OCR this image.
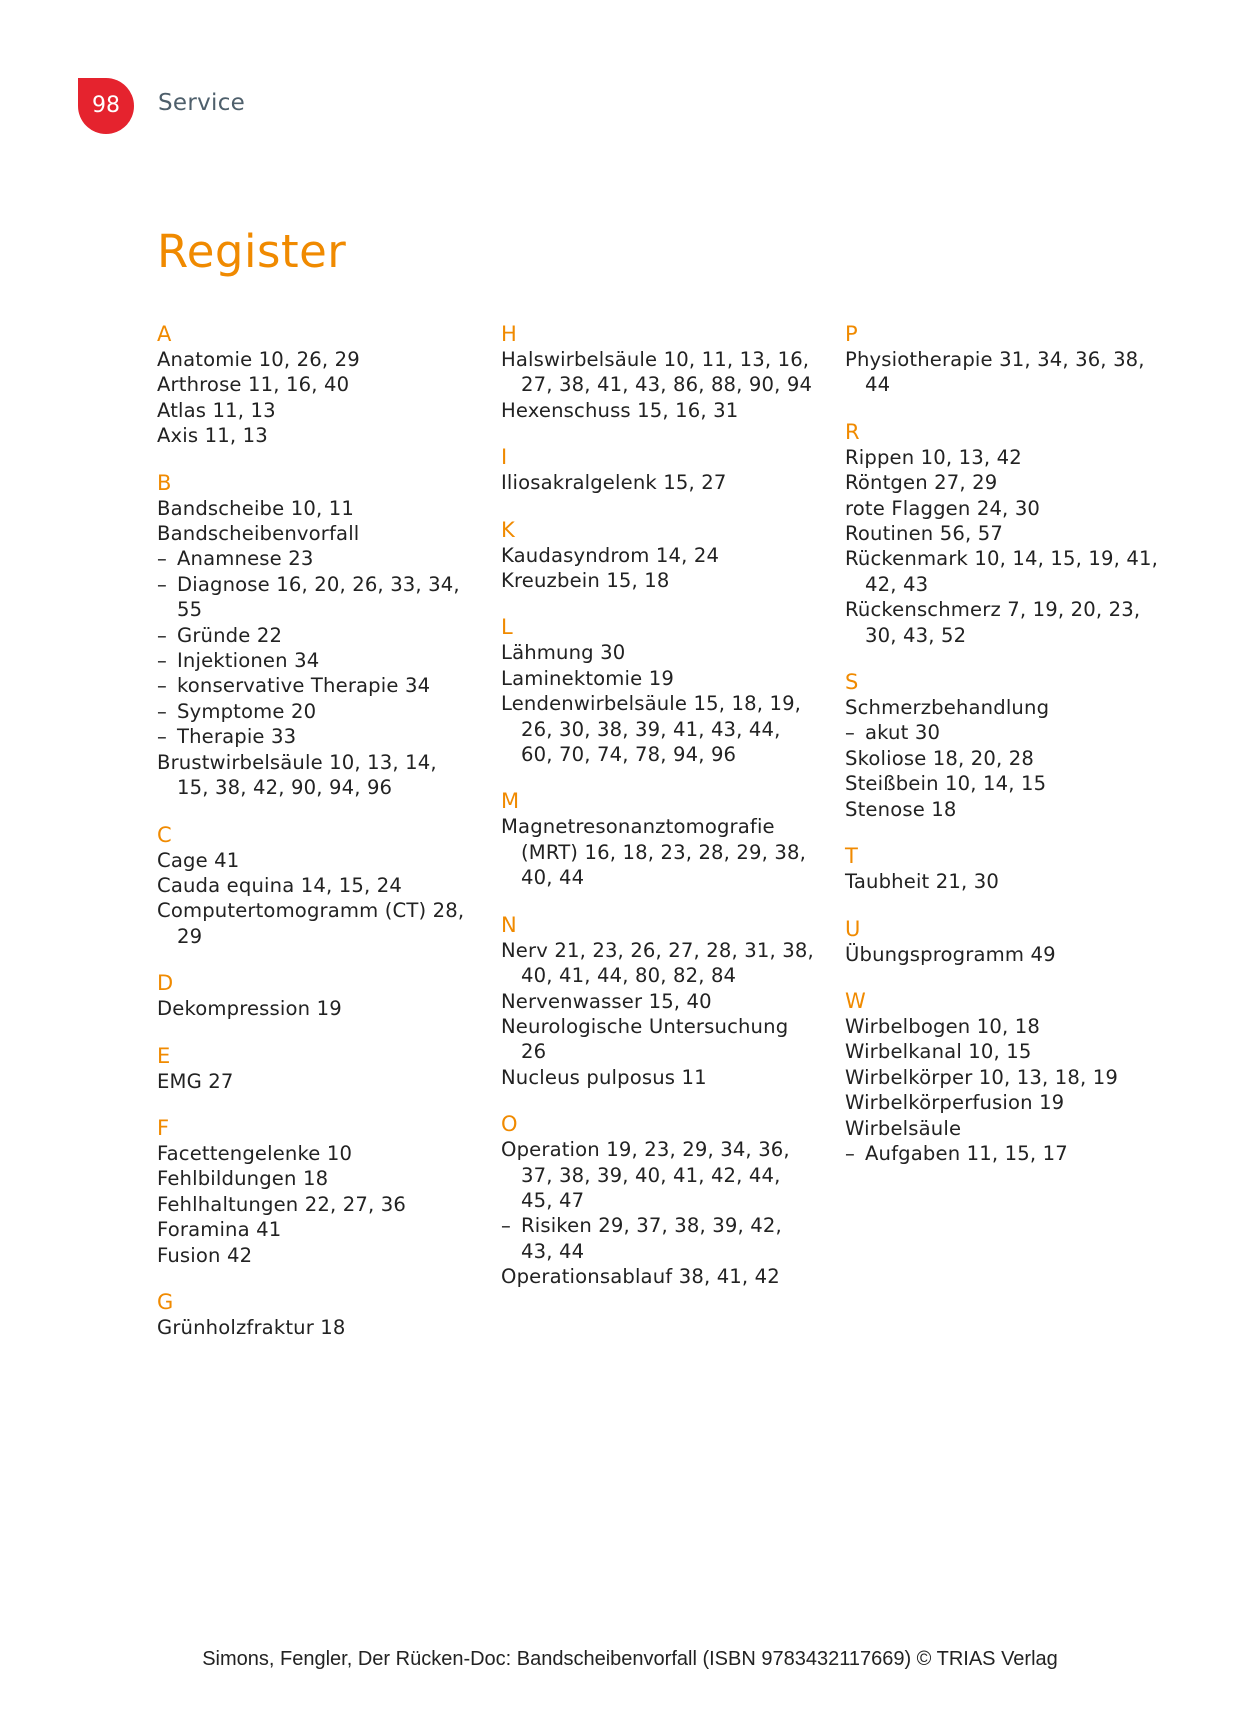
98	Service
Register
A
Anatomie 10, 26, 29
Arthrose 11, 16, 40
Atlas 11, 13
Axis 11, 13
B
Bandscheibe 10, 11
Bandscheibenvorfall
– Anamnese 23
– Diagnose 16, 20, 26, 33, 34, 55
– Gründe 22
– Injektionen 34
– konservative Therapie 34
– Symptome 20
– Therapie 33
Brustwirbelsäule 10, 13, 14, 15, 38, 42, 90, 94, 96
C
Cage 41
Cauda equina 14, 15, 24
Computertomogramm (CT) 28, 29
D
Dekompression 19
E
EMG 27
F
Facettengelenke 10
Fehlbildungen 18
Fehlhaltungen 22, 27, 36
Foramina 41
Fusion 42
G
Grünholzfraktur 18
H
Halswirbelsäule 10, 11, 13, 16, 27, 38, 41, 43, 86, 88, 90, 94
Hexenschuss 15, 16, 31
I
Iliosakralgelenk 15, 27
K
Kaudasyndrom 14, 24
Kreuzbein 15, 18
L
Lähmung 30
Laminektomie 19
Lendenwirbelsäule 15, 18, 19, 26, 30, 38, 39, 41, 43, 44, 60, 70, 74, 78, 94, 96
M
Magnetresonanztomografie (MRT) 16, 18, 23, 28, 29, 38, 40, 44
N
Nerv 21, 23, 26, 27, 28, 31, 38, 40, 41, 44, 80, 82, 84
Nervenwasser 15, 40
Neurologische Untersuchung 26
Nucleus pulposus 11
O
Operation 19, 23, 29, 34, 36, 37, 38, 39, 40, 41, 42, 44, 45, 47
– Risiken 29, 37, 38, 39, 42, 43, 44
Operationsablauf 38, 41, 42
P
Physiotherapie 31, 34, 36, 38, 44
R
Rippen 10, 13, 42
Röntgen 27, 29
rote Flaggen 24, 30
Routinen 56, 57
Rückenmark 10, 14, 15, 19, 41, 42, 43
Rückenschmerz 7, 19, 20, 23, 30, 43, 52
S
Schmerzbehandlung
– akut 30
Skoliose 18, 20, 28
Steißbein 10, 14, 15
Stenose 18
T
Taubheit 21, 30
U
Übungsprogramm 49
W
Wirbelbogen 10, 18
Wirbelkanal 10, 15
Wirbelkörper 10, 13, 18, 19
Wirbelkörperfusion 19
Wirbelsäule
– Aufgaben 11, 15, 17
Simons, Fengler, Der Rücken-Doc: Bandscheibenvorfall (ISBN 9783432117669) © TRIAS Verlag
